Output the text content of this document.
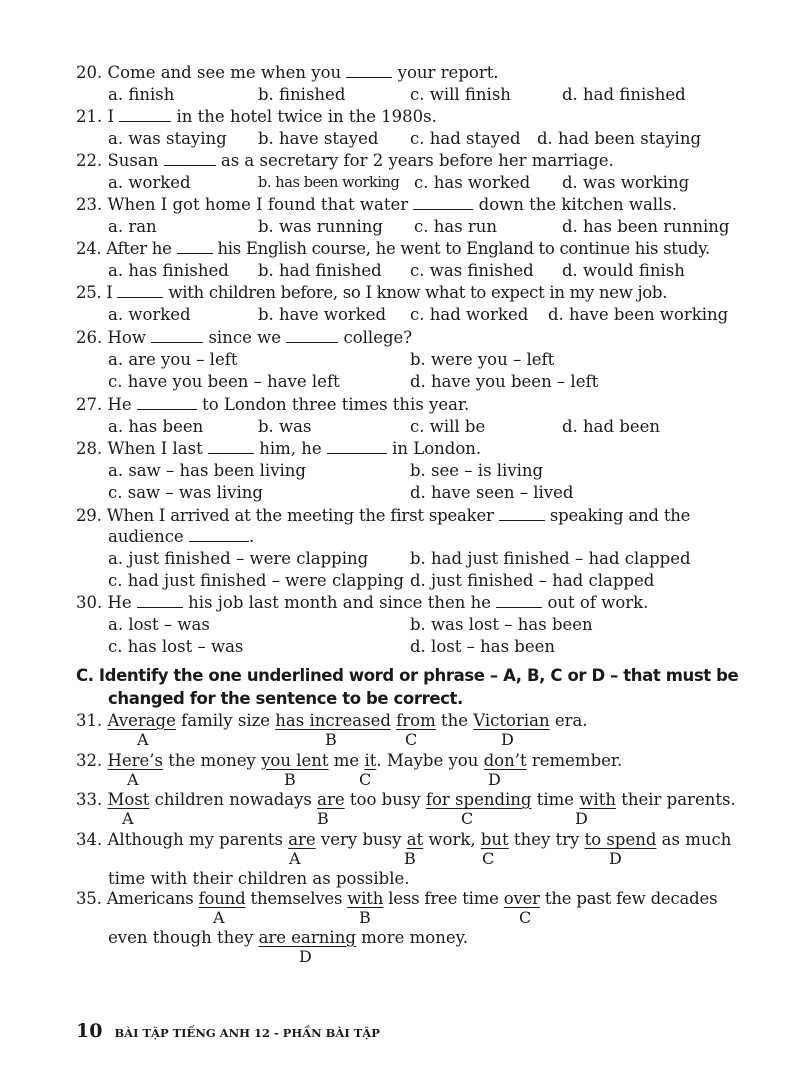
20. Come and see me when you	your report.
a. finish	b. finished	c. will finish	d. had finished
21. I	in the hotel twice in the 1980s.
a. was staying b. have stayed c. had stayed d. had been staying
22. Susan	as a secretary for 2 years before her marriage.
a. worked	b. has been working c. has worked d. was working
23. When I got home I found that water	down the kitchen walls.
a. ran	b. was running c. has run	d. has been running
24. After he	his English course, he went to England to continue his study.
a. has finished b. had finished c. was finished d. would finish
25. I	with children before, so I know what to expect in my new job.
a. worked	b. have worked c. had worked d. have been working
26. How	since we	college?
a. are you – left	b. were you – left
c. have you been – have left	d. have you been – left
27. He	to London three times this year.
a. has been	b. was	c. will be	d. had been
28. When I last	him, he	in London.
a. saw – has been living	b. see – is living
c. saw – was living	d. have seen – lived
29. When I arrived at the meeting the first speaker	speaking and the
audience	.
a. just finished – were clapping	b. had just finished – had clapped
c. had just finished – were clapping d. just finished – had clapped
30. He	his job last month and since then he	out of work.
a. lost – was	b. was lost – has been
c. has lost – was	d. lost – has been
C. Identify the one underlined word or phrase – A, B, C or D – that must be
changed for the sentence to be correct.
31. Average family size has increased from the Victorian era.
A	B	C	D
32. Here’s the money you lent me it. Maybe you don’t remember.
A	B	C	D
33. Most children nowadays are too busy for spending time with their parents.
A	B	C	D
34. Although my parents are very busy at work, but they try to spend as much
A	B	C	D
time with their children as possible.
35. Americans found themselves with less free time over the past few decades
A	B	C
even though they are earning more money.
D
10 BÀI TẬP TIẾNG ANH 12 - PHẦN BÀI TẬP
